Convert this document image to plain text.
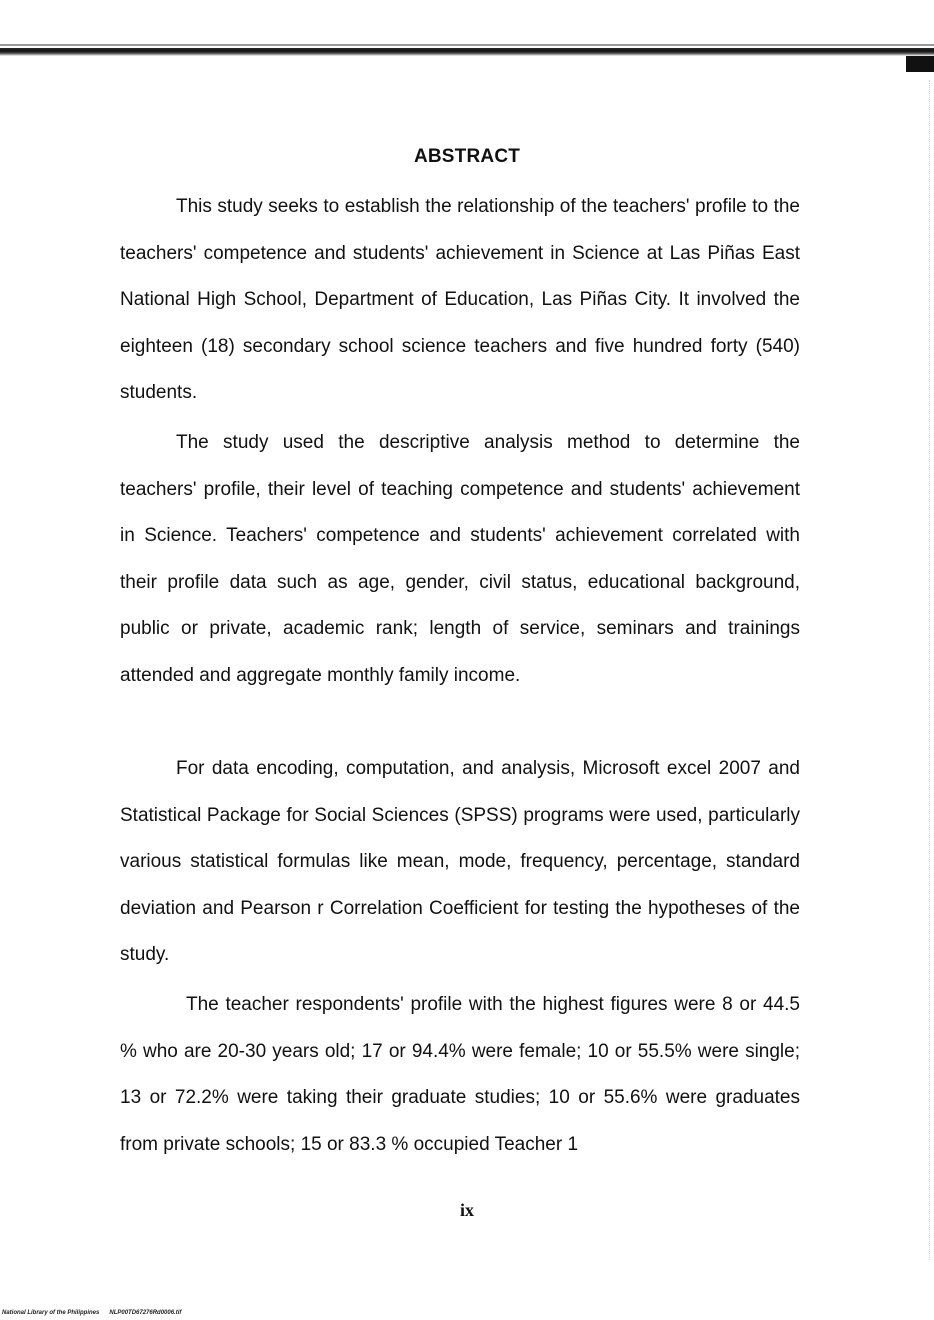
ABSTRACT

This study seeks to establish the relationship of the teachers' profile to the teachers' competence and students' achievement in Science at Las Piñas East National High School, Department of Education, Las Piñas City. It involved the eighteen (18) secondary school science teachers and five hundred forty (540) students.

The study used the descriptive analysis method to determine the teachers' profile, their level of teaching competence and students' achievement in Science. Teachers' competence and students' achievement correlated with their profile data such as age, gender, civil status, educational background, public or private, academic rank; length of service, seminars and trainings attended and aggregate monthly family income.

For data encoding, computation, and analysis, Microsoft excel 2007 and Statistical Package for Social Sciences (SPSS) programs were used, particularly various statistical formulas like mean, mode, frequency, percentage, standard deviation and Pearson r Correlation Coefficient for testing the hypotheses of the study.

The teacher respondents' profile with the highest figures were 8 or 44.5 % who are 20-30 years old; 17 or 94.4% were female; 10 or 55.5% were single; 13 or 72.2% were taking their graduate studies; 10 or 55.6% were graduates from private schools; 15 or 83.3 % occupied Teacher 1

ix
National Library of the Philippines NLP00TD67276Rd0006.tif
